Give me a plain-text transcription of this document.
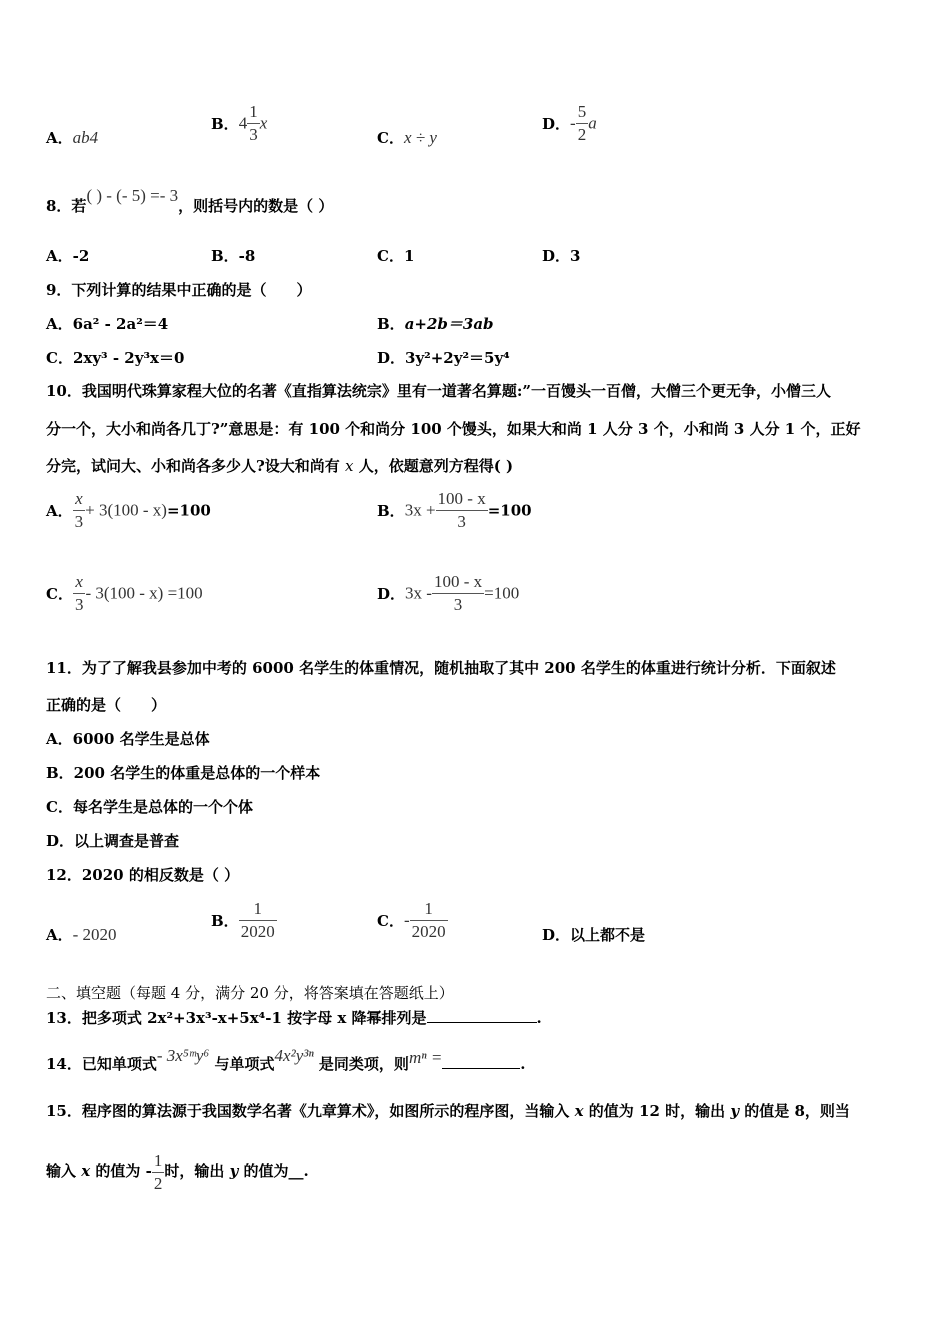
A．ab4
B．$4 \frac{1}{3}$ x
C．x ÷ y
D．- $\frac{5}{2}$ a
8．若( ) - (- 5) =- 3，则括号内的数是（ ）
A．-2	B．-8	C．1	D．3
9．下列计算的结果中正确的是（　　）
A．6a² - 2a²＝4	B．a+2b＝3ab
C．2xy³ - 2y³x＝0	D．3y²+2y²＝5y⁴
10．我国明代珠算家程大位的名著《直指算法统宗》里有一道著名算题:”一百馒头一百僧，大僧三个更无争，小僧三人
分一个，大小和尚各几丁?”意思是：有 100 个和尚分 100 个馒头，如果大和尚 1 人分 3 个，小和尚 3 人分 1 个，正好
分完，试问大、小和尚各多少人?设大和尚有 x 人，依题意列方程得( )
A． $\frac{x}{3} + 3(100 - x)=100$	B．$3x + \frac{100 - x}{3} =100$
C． $\frac{x}{3} - 3(100 - x) =100$	D．$3x - \frac{100 - x}{3} =100$
11．为了了解我县参加中考的 6000 名学生的体重情况，随机抽取了其中 200 名学生的体重进行统计分析．下面叙述
正确的是（　　）
A．6000 名学生是总体
B．200 名学生的体重是总体的一个样本
C．每名学生是总体的一个个体
D．以上调查是普查
12．2020 的相反数是（ ）
A．- 2020
B． $\frac{1}{2020}$	C．- $\frac{1}{2020}$	D．以上都不是
二、填空题（每题 4 分，满分 20 分，将答案填在答题纸上）
13．把多项式 2x²+3x³-x+5x⁴-1 按字母 x 降幂排列是	.
14．已知单项式- 3x⁵ᵐy⁶ 与单项式4x²y³ⁿ 是同类项，则mⁿ =	.
15．程序图的算法源于我国数学名著《九章算术》，如图所示的程序图，当输入 x 的值为 12 时，输出 y 的值是 8，则当
输入 x 的值为 - $\frac{1}{2}$ 时，输出 y 的值为__.
